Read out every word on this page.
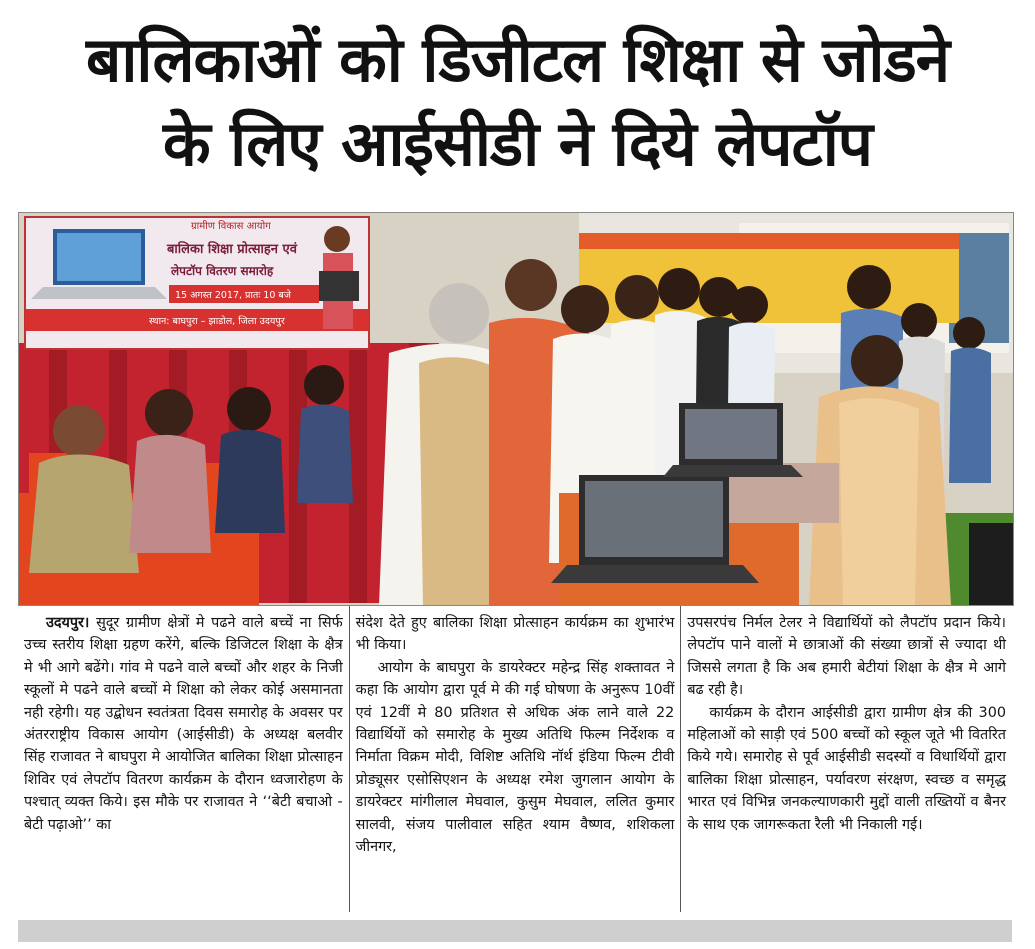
बालिकाओं को डिजीटल शिक्षा से जोडने
के लिए आईसीडी ने दिये लेपटॉप
ग्रामीण विकास आयोग
बालिका शिक्षा प्रोत्साहन एवं
लेपटॉप वितरण समारोह
15 अगस्त 2017, प्रातः 10 बजे
स्थान: बाघपुरा – झाडोल, जिला उदयपुर

उदयपुर। सुदूर ग्रामीण क्षेत्रों मे पढने वाले बच्चें ना सिर्फ उच्च स्तरीय शिक्षा ग्रहण करेंगे, बल्कि डिजिटल शिक्षा के क्षैत्र मे भी आगे बढेंगे। गांव मे पढने वाले बच्चों और शहर के निजी स्कूलों मे पढने वाले बच्चों मे शिक्षा को लेकर कोई असमानता नही रहेगी। यह उद्बोधन स्वतंत्रता दिवस समारोह के अवसर पर अंतरराष्ट्रीय विकास आयोग (आईसीडी) के अध्यक्ष बलवीर सिंह राजावत ने बाघपुरा मे आयोजित बालिका शिक्षा प्रोत्साहन शिविर एवं लेपटॉप वितरण कार्यक्रम के दौरान ध्वजारोहण के पश्चात् व्यक्त किये। इस मौके पर राजावत ने ‘‘बेटी बचाओ - बेटी पढ़ाओ’’ का

संदेश देते हुए बालिका शिक्षा प्रोत्साहन कार्यक्रम का शुभारंभ भी किया।

आयोग के बाघपुरा के डायरेक्टर महेन्द्र सिंह शक्तावत ने कहा कि आयोग द्वारा पूर्व मे की गई घोषणा के अनुरूप 10वीं एवं 12वीं मे 80 प्रतिशत से अधिक अंक लाने वाले 22 विद्यार्थियों को समारोह के मुख्य अतिथि फिल्म निर्देशक व निर्माता विक्रम मोदी, विशिष्ट अतिथि नॉर्थ इंडिया फिल्म टीवी प्रोड्यूसर एसोसिएशन के अध्यक्ष रमेश जुगलान आयोग के डायरेक्टर मांगीलाल मेघवाल, कुसुम मेघवाल, ललित कुमार सालवी, संजय पालीवाल सहित श्याम वैष्णव, शशिकला जीनगर,

उपसरपंच निर्मल टेलर ने विद्यार्थियों को लैपटॉप प्रदान किये। लेपटॉप पाने वालों मे छात्राओं की संख्या छात्रों से ज्यादा थी जिससे लगता है कि अब हमारी बेटीयां शिक्षा के क्षैत्र मे आगे बढ रही है।

कार्यक्रम के दौरान आईसीडी द्वारा ग्रामीण क्षेत्र की 300 महिलाओं को साड़ी एवं 500 बच्चों को स्कूल जूते भी वितरित किये गये। समारोह से पूर्व आईसीडी सदस्यों व विधार्थियों द्वारा बालिका शिक्षा प्रोत्साहन, पर्यावरण संरक्षण, स्वच्छ व समृद्ध भारत एवं विभिन्न जनकल्याणकारी मुद्दों वाली तख्तियों व बैनर के साथ एक जागरूकता रैली भी निकाली गई।
